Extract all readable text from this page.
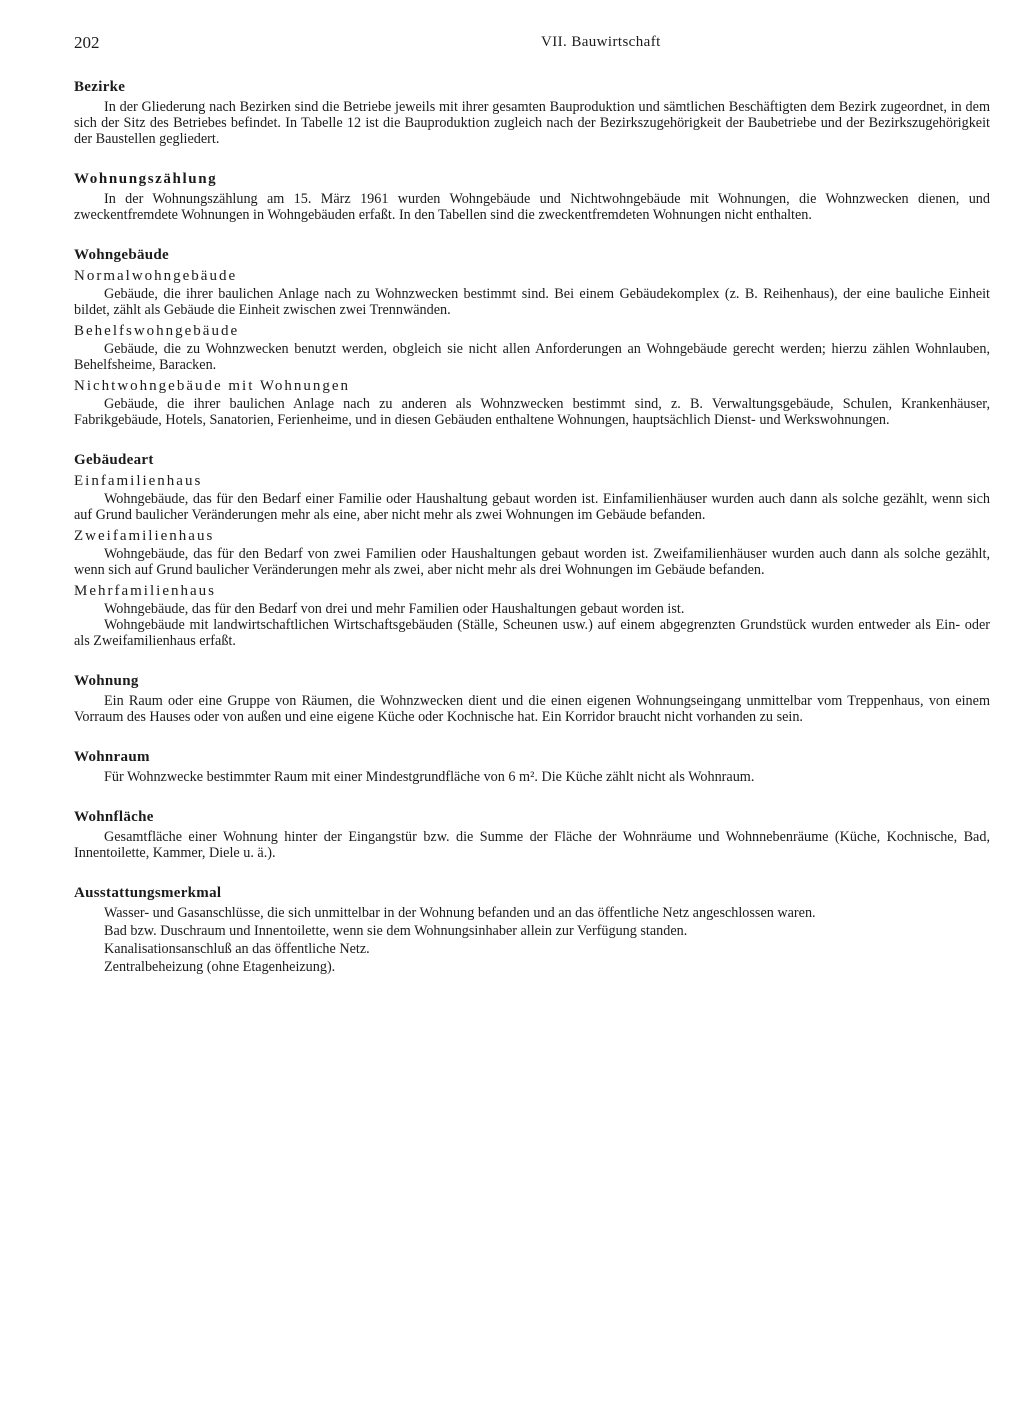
202	VII. Bauwirtschaft
Bezirke

In der Gliederung nach Bezirken sind die Betriebe jeweils mit ihrer gesamten Bauproduktion und sämtlichen Beschäftigten dem Bezirk zugeordnet, in dem sich der Sitz des Betriebes befindet. In Tabelle 12 ist die Bauproduktion zugleich nach der Bezirkszugehörigkeit der Baubetriebe und der Bezirkszugehörigkeit der Baustellen gegliedert.

Wohnungszählung

In der Wohnungszählung am 15. März 1961 wurden Wohngebäude und Nichtwohngebäude mit Wohnungen, die Wohnzwecken dienen, und zweckentfremdete Wohnungen in Wohngebäuden erfaßt. In den Tabellen sind die zweckentfremdeten Wohnungen nicht enthalten.

Wohngebäude
Normalwohngebäude

Gebäude, die ihrer baulichen Anlage nach zu Wohnzwecken bestimmt sind. Bei einem Gebäudekomplex (z. B. Reihenhaus), der eine bauliche Einheit bildet, zählt als Gebäude die Einheit zwischen zwei Trennwänden.

Behelfswohngebäude

Gebäude, die zu Wohnzwecken benutzt werden, obgleich sie nicht allen Anforderungen an Wohngebäude gerecht werden; hierzu zählen Wohnlauben, Behelfsheime, Baracken.

Nichtwohngebäude mit Wohnungen

Gebäude, die ihrer baulichen Anlage nach zu anderen als Wohnzwecken bestimmt sind, z. B. Verwaltungsgebäude, Schulen, Krankenhäuser, Fabrikgebäude, Hotels, Sanatorien, Ferienheime, und in diesen Gebäuden enthaltene Wohnungen, hauptsächlich Dienst- und Werkswohnungen.

Gebäudeart
Einfamilienhaus

Wohngebäude, das für den Bedarf einer Familie oder Haushaltung gebaut worden ist. Einfamilienhäuser wurden auch dann als solche gezählt, wenn sich auf Grund baulicher Veränderungen mehr als eine, aber nicht mehr als zwei Wohnungen im Gebäude befanden.

Zweifamilienhaus

Wohngebäude, das für den Bedarf von zwei Familien oder Haushaltungen gebaut worden ist. Zweifamilienhäuser wurden auch dann als solche gezählt, wenn sich auf Grund baulicher Veränderungen mehr als zwei, aber nicht mehr als drei Wohnungen im Gebäude befanden.

Mehrfamilienhaus

Wohngebäude, das für den Bedarf von drei und mehr Familien oder Haushaltungen gebaut worden ist.

Wohngebäude mit landwirtschaftlichen Wirtschaftsgebäuden (Ställe, Scheunen usw.) auf einem abgegrenzten Grundstück wurden entweder als Ein- oder als Zweifamilienhaus erfaßt.

Wohnung

Ein Raum oder eine Gruppe von Räumen, die Wohnzwecken dient und die einen eigenen Wohnungseingang unmittelbar vom Treppenhaus, von einem Vorraum des Hauses oder von außen und eine eigene Küche oder Kochnische hat. Ein Korridor braucht nicht vorhanden zu sein.

Wohnraum

Für Wohnzwecke bestimmter Raum mit einer Mindestgrundfläche von 6 m². Die Küche zählt nicht als Wohnraum.

Wohnfläche

Gesamtfläche einer Wohnung hinter der Eingangstür bzw. die Summe der Fläche der Wohnräume und Wohnnebenräume (Küche, Kochnische, Bad, Innentoilette, Kammer, Diele u. ä.).

Ausstattungsmerkmal
Wasser- und Gasanschlüsse, die sich unmittelbar in der Wohnung befanden und an das öffentliche Netz angeschlossen waren.
Bad bzw. Duschraum und Innentoilette, wenn sie dem Wohnungsinhaber allein zur Verfügung standen.
Kanalisationsanschluß an das öffentliche Netz.
Zentralbeheizung (ohne Etagenheizung).
